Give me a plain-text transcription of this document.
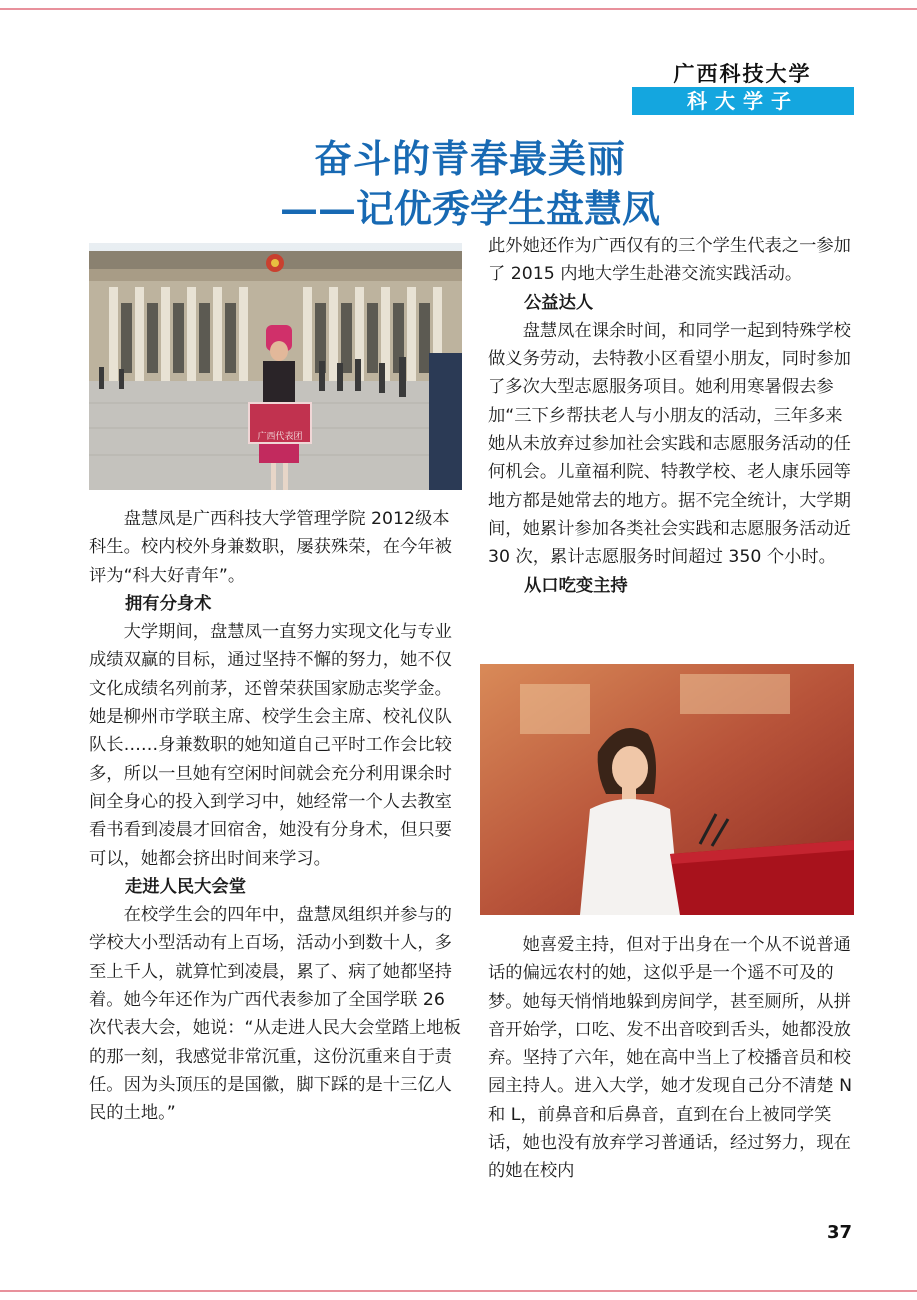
广西科技大学
科大学子
奋斗的青春最美丽
——记优秀学生盘慧凤
广西代表团

盘慧凤是广西科技大学管理学院 2012级本科生。校内校外身兼数职，屡获殊荣，在今年被评为“科大好青年”。

拥有分身术

大学期间，盘慧凤一直努力实现文化与专业成绩双赢的目标，通过坚持不懈的努力，她不仅文化成绩名列前茅，还曾荣获国家励志奖学金。她是柳州市学联主席、校学生会主席、校礼仪队队长……身兼数职的她知道自己平时工作会比较多，所以一旦她有空闲时间就会充分利用课余时间全身心的投入到学习中，她经常一个人去教室看书看到凌晨才回宿舍，她没有分身术，但只要可以，她都会挤出时间来学习。

走进人民大会堂

在校学生会的四年中，盘慧凤组织并参与的学校大小型活动有上百场，活动小到数十人，多至上千人，就算忙到凌晨，累了、病了她都坚持着。她今年还作为广西代表参加了全国学联 26 次代表大会，她说：“从走进人民大会堂踏上地板的那一刻，我感觉非常沉重，这份沉重来自于责任。因为头顶压的是国徽，脚下踩的是十三亿人民的土地。”

此外她还作为广西仅有的三个学生代表之一参加了 2015 内地大学生赴港交流实践活动。

公益达人

盘慧凤在课余时间，和同学一起到特殊学校做义务劳动，去特教小区看望小朋友，同时参加了多次大型志愿服务项目。她利用寒暑假去参加“三下乡帮扶老人与小朋友的活动，三年多来她从未放弃过参加社会实践和志愿服务活动的任何机会。儿童福利院、特教学校、老人康乐园等地方都是她常去的地方。据不完全统计，大学期间，她累计参加各类社会实践和志愿服务活动近 30 次，累计志愿服务时间超过 350 个小时。

从口吃变主持

她喜爱主持，但对于出身在一个从不说普通话的偏远农村的她，这似乎是一个遥不可及的梦。她每天悄悄地躲到房间学，甚至厕所，从拼音开始学，口吃、发不出音咬到舌头，她都没放弃。坚持了六年，她在高中当上了校播音员和校园主持人。进入大学，她才发现自己分不清楚 N 和 L，前鼻音和后鼻音，直到在台上被同学笑话，她也没有放弃学习普通话，经过努力，现在的她在校内

37
